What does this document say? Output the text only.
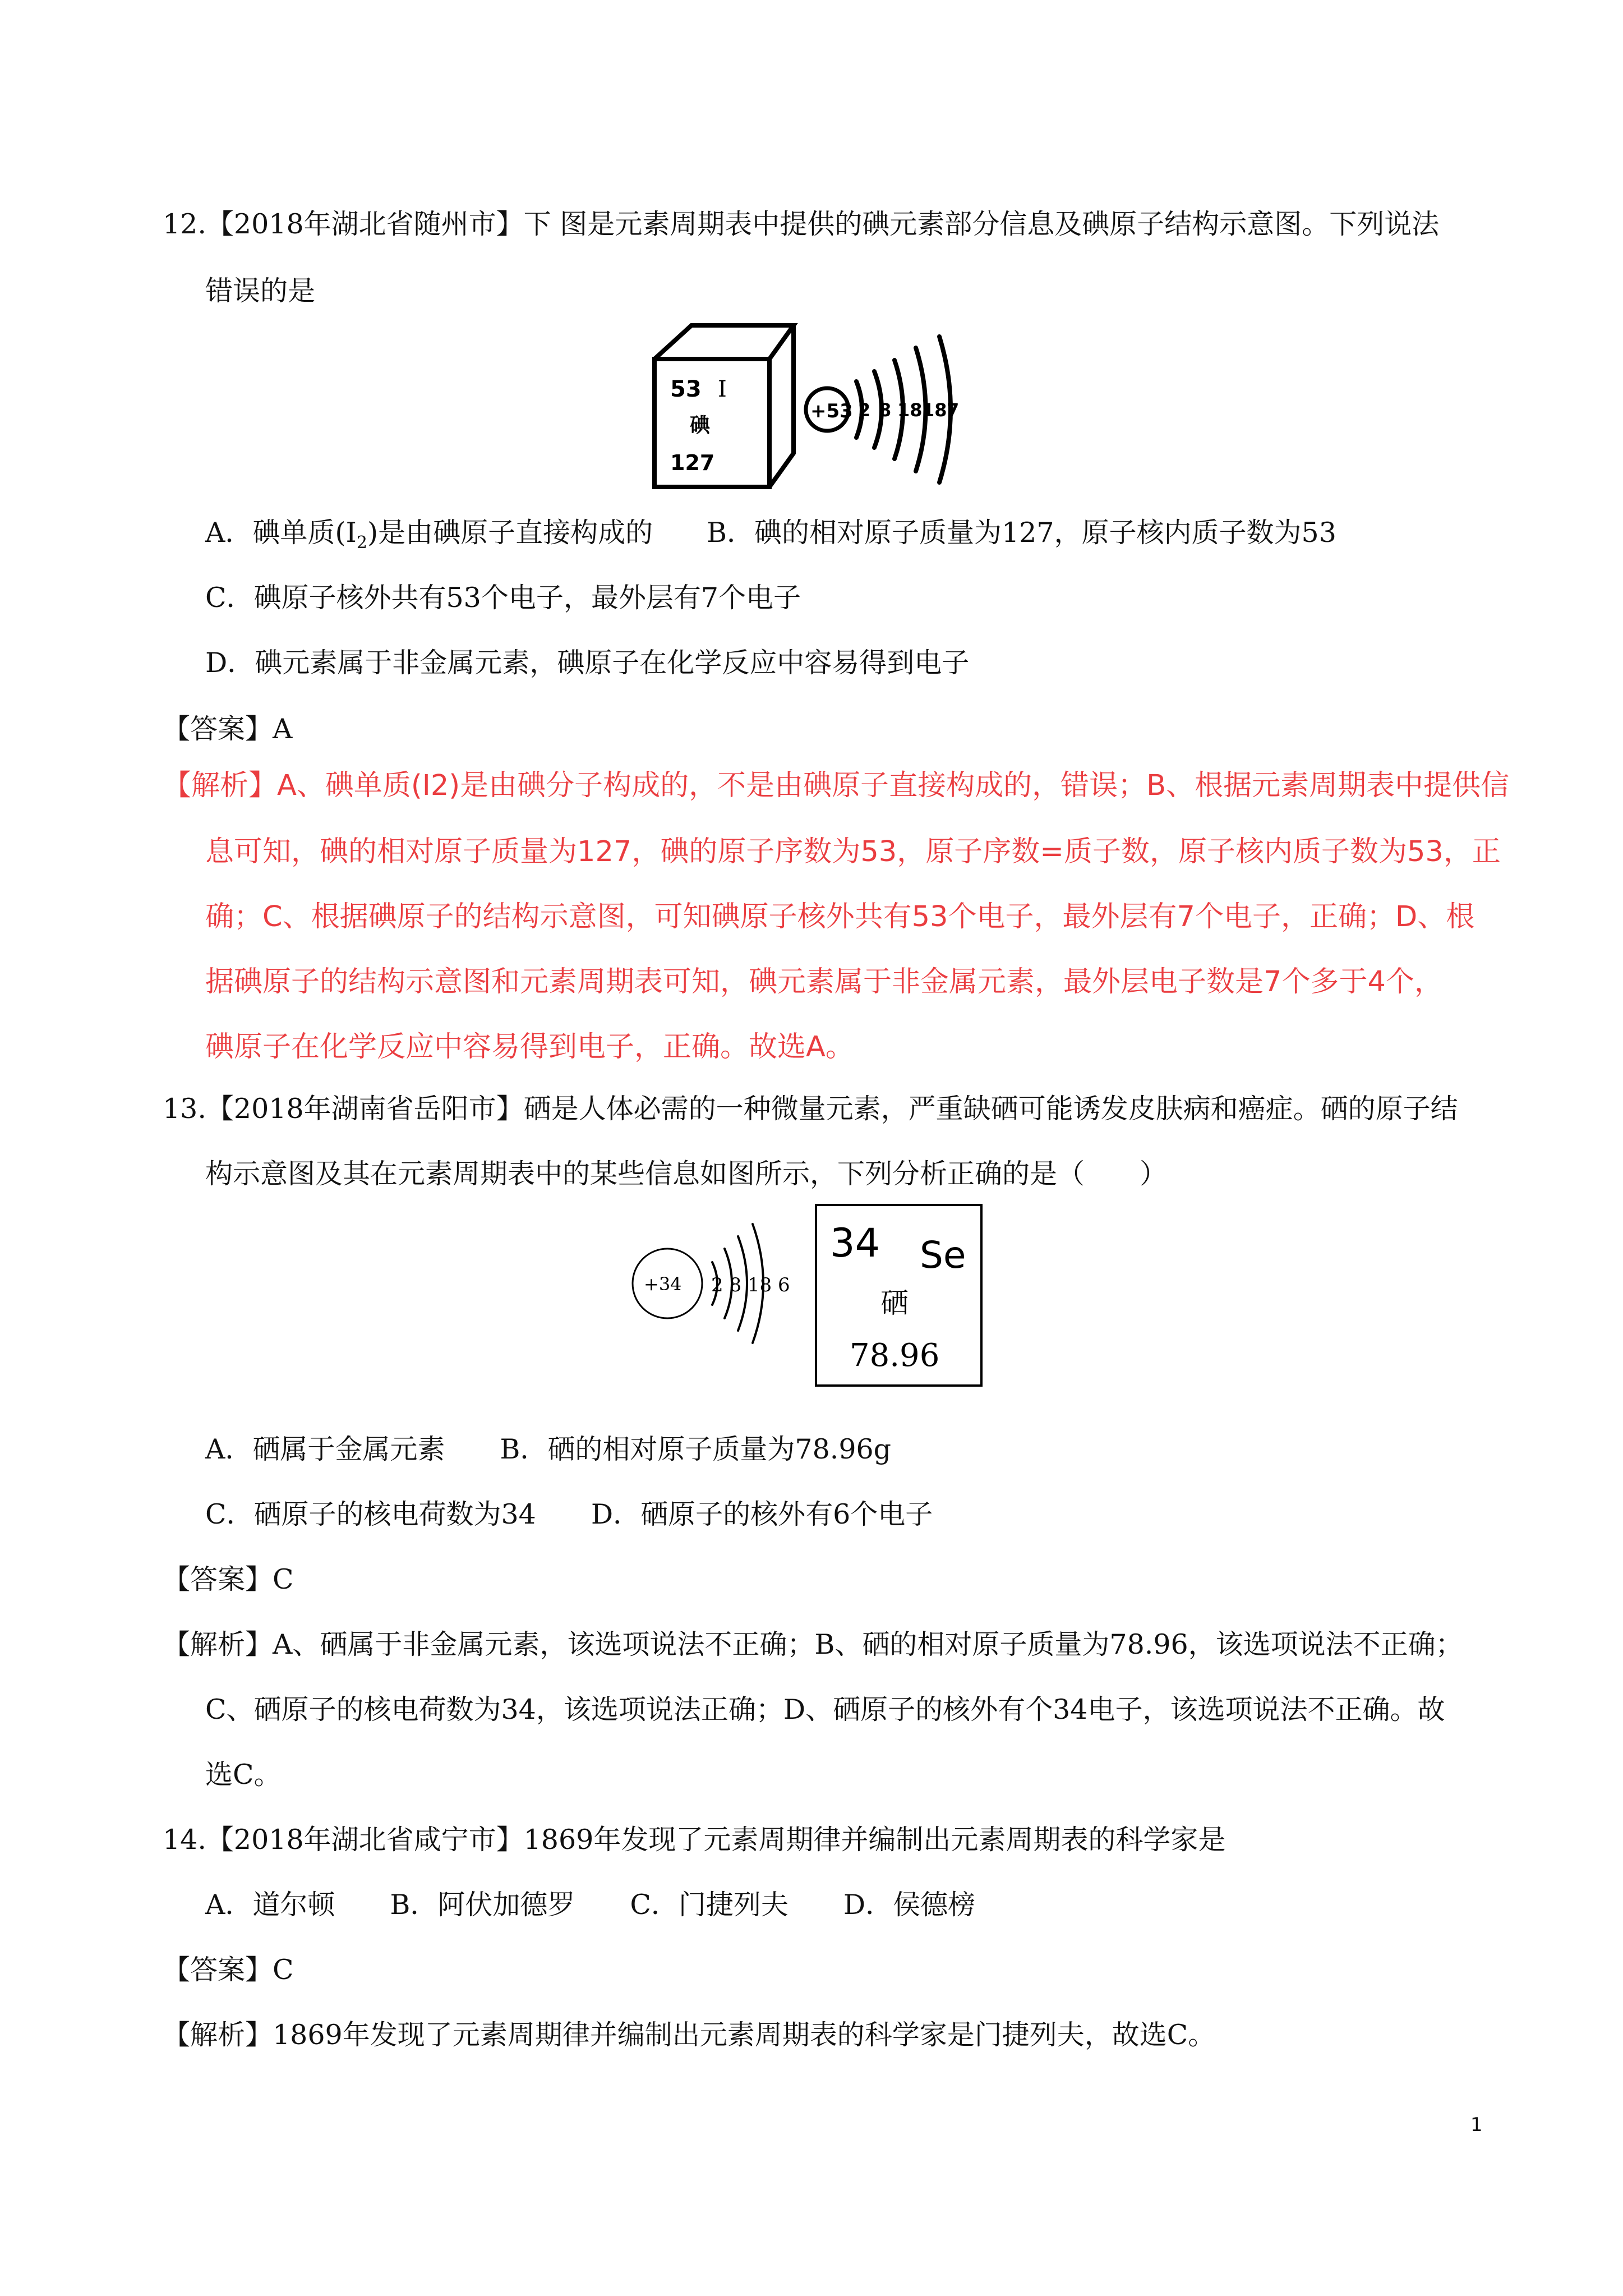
12.【2018年湖北省随州市】下 图是元素周期表中提供的碘元素部分信息及碘原子结构示意图。下列说法
错误的是
53 I
碘
127
+53 2 8 18 18 7
A．碘单质$(I_2)$是由碘原子直接构成的 B．碘的相对原子质量为127，原子核内质子数为53
C．碘原子核外共有53个电子，最外层有7个电子
D．碘元素属于非金属元素，碘原子在化学反应中容易得到电子
【答案】A
【解析】A、碘单质(I2)是由碘分子构成的，不是由碘原子直接构成的，错误；B、根据元素周期表中提供信
息可知，碘的相对原子质量为127，碘的原子序数为53，原子序数=质子数，原子核内质子数为53，正
确；C、根据碘原子的结构示意图，可知碘原子核外共有53个电子，最外层有7个电子，正确；D、根
据碘原子的结构示意图和元素周期表可知，碘元素属于非金属元素，最外层电子数是7个多于4个，
碘原子在化学反应中容易得到电子，正确。故选A。
13.【2018年湖南省岳阳市】硒是人体必需的一种微量元素，严重缺硒可能诱发皮肤病和癌症。硒的原子结
构示意图及其在元素周期表中的某些信息如图所示，下列分析正确的是（　　）
+34 2 8 18 6
34 Se
硒
78.96
A．硒属于金属元素　　B．硒的相对原子质量为78.96g
C．硒原子的核电荷数为34　　D．硒原子的核外有6个电子
【答案】C
【解析】A、硒属于非金属元素，该选项说法不正确；B、硒的相对原子质量为78.96，该选项说法不正确；
C、硒原子的核电荷数为34，该选项说法正确；D、硒原子的核外有个34电子，该选项说法不正确。故
选C。
14.【2018年湖北省咸宁市】1869年发现了元素周期律并编制出元素周期表的科学家是
A．道尔顿　　B．阿伏加德罗　　C．门捷列夫　　D．侯德榜
【答案】C
【解析】1869年发现了元素周期律并编制出元素周期表的科学家是门捷列夫，故选C。
1
